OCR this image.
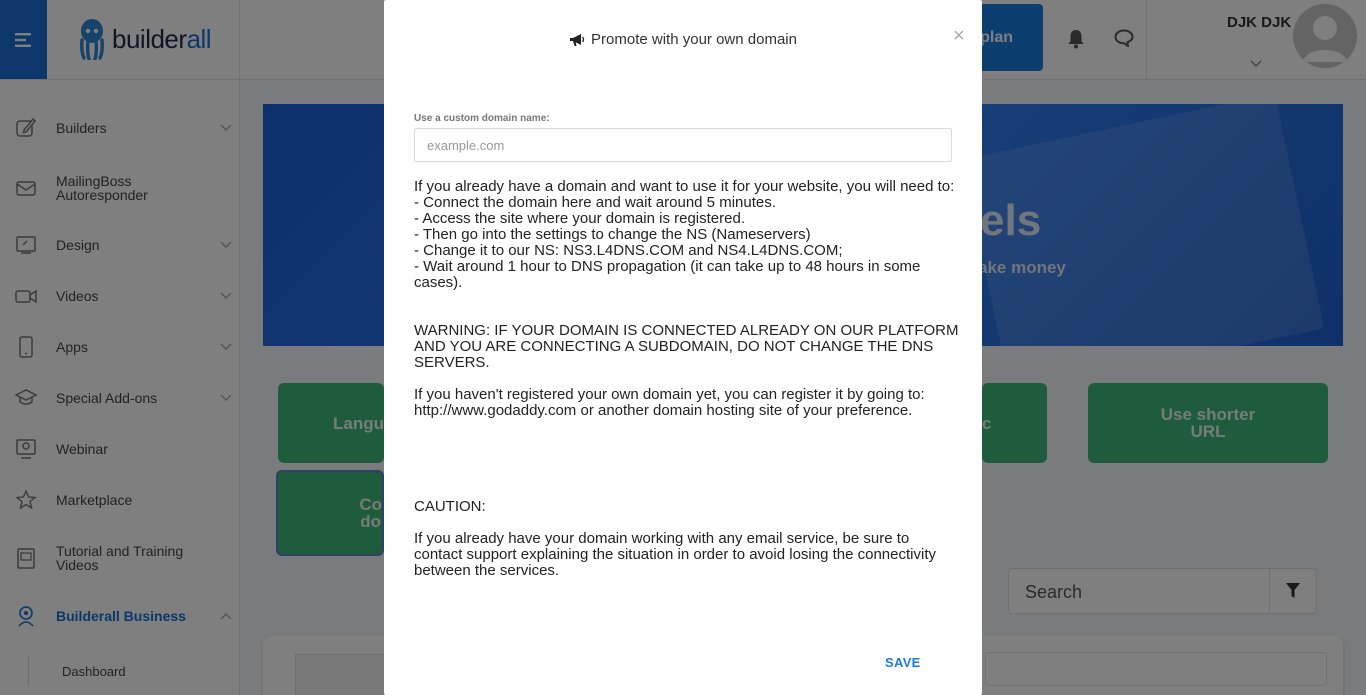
Promote with your own domain	×
Use a custom domain name:
example.com
If you already have a domain and want to use it for your website, you will need to:
- Connect the domain here and wait around 5 minutes.
- Access the site where your domain is registered.
- Then go into the settings to change the NS (Nameservers)
- Change it to our NS: NS3.L4DNS.COM and NS4.L4DNS.COM;
- Wait around 1 hour to DNS propagation (it can take up to 48 hours in some cases).
WARNING: IF YOUR DOMAIN IS CONNECTED ALREADY ON OUR PLATFORM AND YOU ARE CONNECTING A SUBDOMAIN, DO NOT CHANGE THE DNS SERVERS.
If you haven't registered your own domain yet, you can register it by going to:
http://www.godaddy.com or another domain hosting site of your preference.
CAUTION:
If you already have your domain working with any email service, be sure to contact support explaining the situation in order to avoid losing the connectivity between the services.
SAVE
